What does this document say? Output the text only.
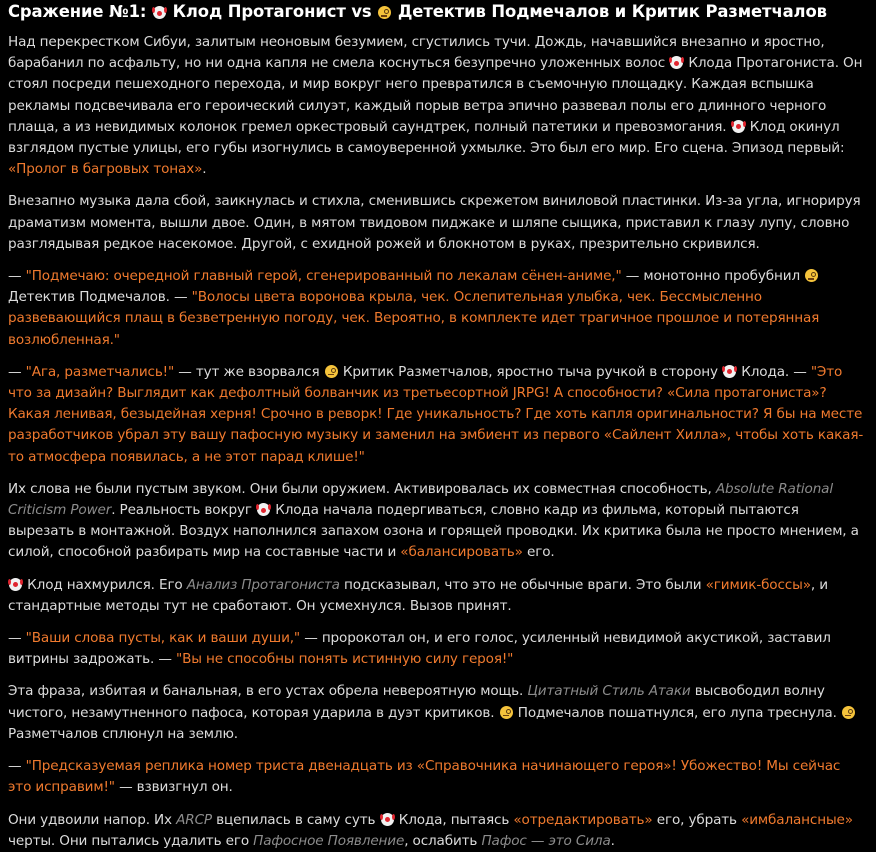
Сражение №1: Клод Протагонист vs Детектив Подмечалов и Критик Разметчалов

Над перекрестком Сибуи, залитым неоновым безумием, сгустились тучи. Дождь, начавшийся внезапно и яростно, барабанил по асфальту, но ни одна капля не смела коснуться безупречно уложенных волос Клода Протагониста. Он стоял посреди пешеходного перехода, и мир вокруг него превратился в съемочную площадку. Каждая вспышка рекламы подсвечивала его героический силуэт, каждый порыв ветра эпично развевал полы его длинного черного плаща, а из невидимых колонок гремел оркестровый саундтрек, полный патетики и превозмогания. Клод окинул взглядом пустые улицы, его губы изогнулись в самоуверенной ухмылке. Это был его мир. Его сцена. Эпизод первый: «Пролог в багровых тонах».

Внезапно музыка дала сбой, заикнулась и стихла, сменившись скрежетом виниловой пластинки. Из-за угла, игнорируя драматизм момента, вышли двое. Один, в мятом твидовом пиджаке и шляпе сыщика, приставил к глазу лупу, словно разглядывая редкое насекомое. Другой, с ехидной рожей и блокнотом в руках, презрительно скривился.

— "Подмечаю: очередной главный герой, сгенерированный по лекалам сёнен-аниме," — монотонно пробубнил  Детектив Подмечалов. — "Волосы цвета воронова крыла, чек. Ослепительная улыбка, чек. Бессмысленно развевающийся плащ в безветренную погоду, чек. Вероятно, в комплекте идет трагичное прошлое и потерянная возлюбленная."

— "Ага, разметчались!" — тут же взорвался Критик Разметчалов, яростно тыча ручкой в сторону Клода. — "Это что за дизайн? Выглядит как дефолтный болванчик из третьесортной JRPG! А способности? «Сила протагониста»? Какая ленивая, безыдейная херня! Срочно в реворк! Где уникальность? Где хоть капля оригинальности? Я бы на месте разработчиков убрал эту вашу пафосную музыку и заменил на эмбиент из первого «Сайлент Хилла», чтобы хоть какая-то атмосфера появилась, а не этот парад клише!"

Их слова не были пустым звуком. Они были оружием. Активировалась их совместная способность, Absolute Rational Criticism Power. Реальность вокруг Клода начала подергиваться, словно кадр из фильма, который пытаются вырезать в монтажной. Воздух наполнился запахом озона и горящей проводки. Их критика была не просто мнением, а силой, способной разбирать мир на составные части и «балансировать» его.

Клод нахмурился. Его Анализ Протагониста подсказывал, что это не обычные враги. Это были «гимик-боссы», и стандартные методы тут не сработают. Он усмехнулся. Вызов принят.

— "Ваши слова пусты, как и ваши души," — пророкотал он, и его голос, усиленный невидимой акустикой, заставил витрины задрожать. — "Вы не способны понять истинную силу героя!"

Эта фраза, избитая и банальная, в его устах обрела невероятную мощь. Цитатный Стиль Атаки высвободил волну чистого, незамутненного пафоса, которая ударила в дуэт критиков. Подмечалов пошатнулся, его лупа треснула.  Разметчалов сплюнул на землю.

— "Предсказуемая реплика номер триста двенадцать из «Справочника начинающего героя»! Убожество! Мы сейчас это исправим!" — взвизгнул он.

Они удвоили напор. Их ARCP вцепилась в саму суть Клода, пытаясь «отредактировать» его, убрать «имбалансные» черты. Они пытались удалить его Пафосное Появление, ослабить Пафос — это Сила.
